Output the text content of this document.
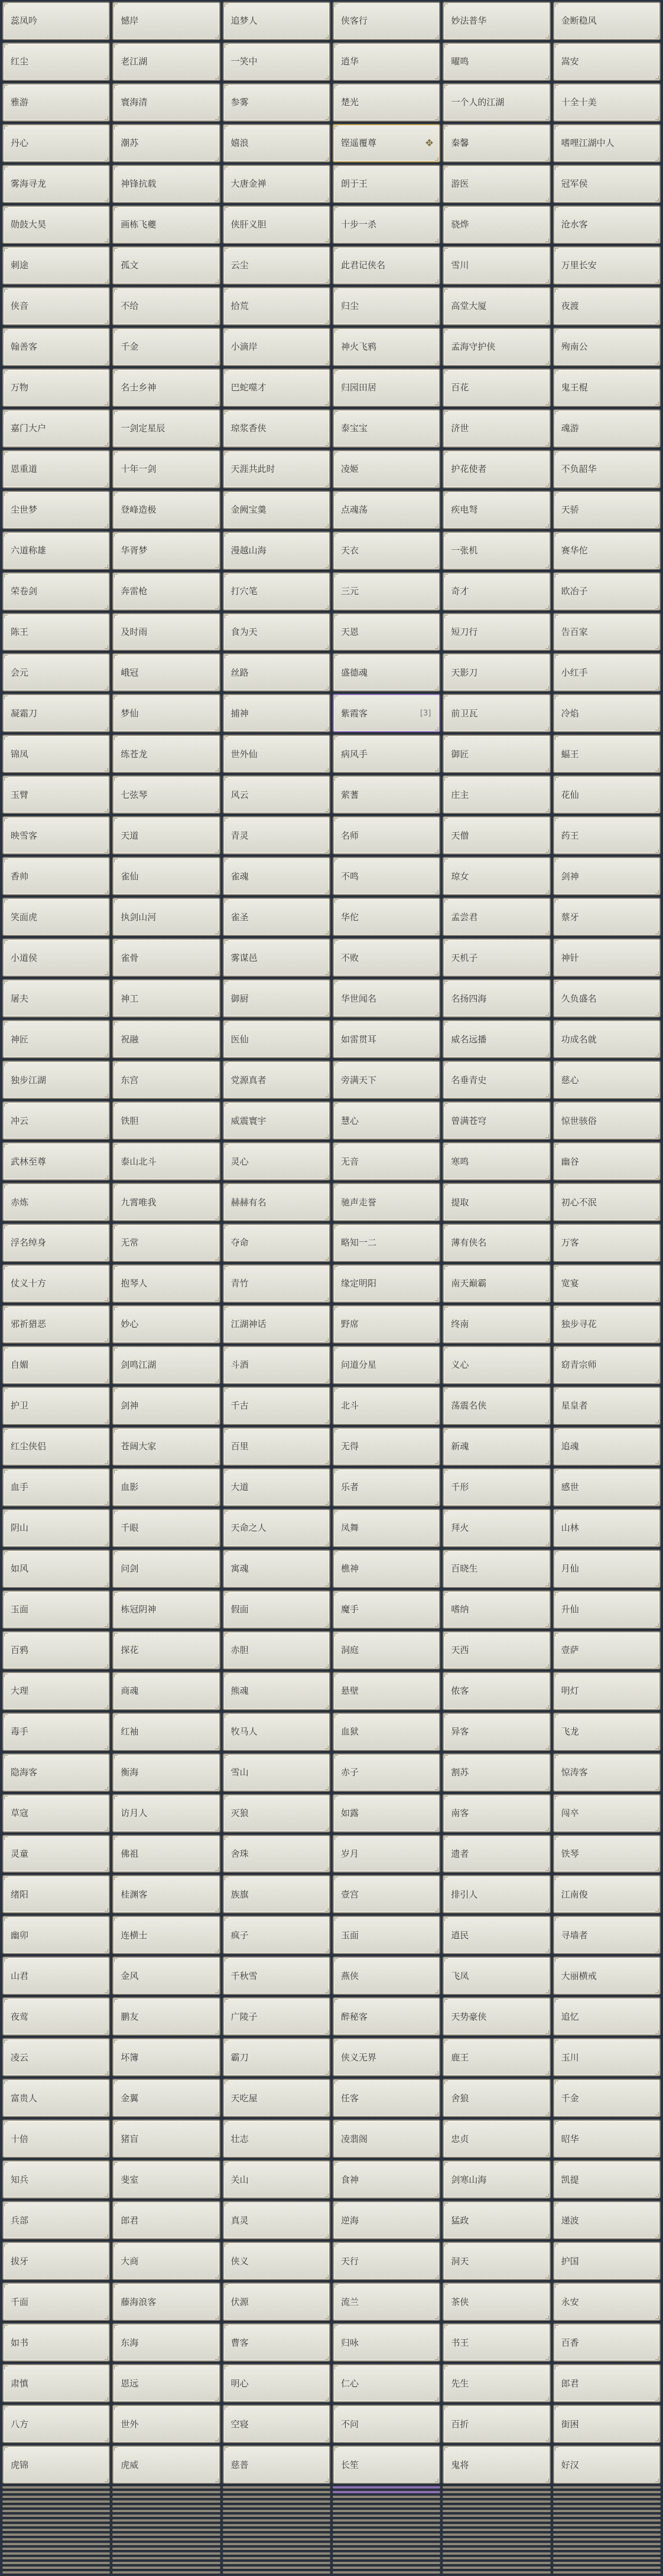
蕊凤吟	憾岸	追梦人	侠客行	妙法普华	金断稳风
红尘	老江湖	一笑中	逍华	曜鸣	嵩安
雅游	寰海清	参雾	楚光	一个人的江湖	十全十美
丹心	潮苏	嬉浪	铿遥覆尊	✥ 秦馨	嗜哩江湖中人
雾海寻龙	神锋抗载	大唐金禅	朗于王	游医	冠军侯
勋鼓大昊	画栋飞夔	侠肝义胆	十步一杀	骁烨	沧水客
刺途	孤文	云尘	此君记侠名	雪川	万里长安
侠音	不给	拾荒	归尘	高堂大厦	夜渡
翰善客	千金	小滴岸	神火飞鸦	孟海守护侠	殉南公
万物	名士乡神	巴蛇噬才	归园田居	百花	鬼王棍
嘉门大户	一剑定星辰	琼浆香侠	泰宝宝	济世	魂游
恩重道	十年一剑	天涯共此时	凌姬	护花使者	不负韶华
尘世梦	登峰造极	金阙宝羹	点魂荡	疾电弩	天骄
六道称雄	华胥梦	漫越山海	天衣	一张机	赛华佗
荣卷剑	奔雷枪	打穴笔	三元	奇才	欧冶子
陈王	及时雨	食为天	天恩	短刀行	告百家
会元	峨冠	丝路	盛德魂	天影刀	小红手
凝霜刀	梦仙	捕神	紫霞客	[3] 前卫瓦	冷焰
锦凤	练苍龙	世外仙	病风手	御匠	蝠王
玉臂	七弦琴	风云	萦蓍	庄主	花仙
映雪客	天道	青灵	名师	天僧	药王
香帅	雀仙	雀魂	不鸣	琼女	剑神
笑面虎	执剑山河	雀圣	华佗	孟尝君	蔡牙
小道侯	雀骨	雾谋邑	不败	天机子	神针
屠夫	神工	御厨	华世闻名	名扬四海	久负盛名
神匠	祝融	医仙	如雷贯耳	威名远播	功成名就
独步江湖	东宫	党源真者	旁满天下	名垂青史	慈心
冲云	铁胆	威震寰宇	慧心	曾满苍穹	惊世骇俗
武林至尊	泰山北斗	灵心	无音	寒鸣	幽谷
赤炼	九霄唯我	赫赫有名	驰声走誉	提取	初心不泯
浮名绰身	无常	夺命	略知一二	薄有侠名	万客
仗义十方	抱琴人	青竹	缘定明阳	南天巅霸	宽宴
邪祈猎恶	妙心	江湖神话	野席	终南	独步寻花
自媚	剑鸣江湖	斗酒	问道分星	义心	窈青宗师
护卫	剑神	千古	北斗	荡震名侠	星皇者
红尘侠侣	苍阔大家	百里	无得	新魂	追魂
血手	血影	大道	乐者	千形	感世
阴山	千眼	天命之人	凤舞	拜火	山林
如风	问剑	寓魂	樵神	百晓生	月仙
玉面	栋冠阴神	假面	魔手	嗜纳	升仙
百鸦	探花	赤胆	洞庭	天西	壹萨
大理	商魂	熊魂	悬壁	侬客	明灯
毒手	红袖	牧马人	血狱	异客	飞龙
隐海客	衡海	雪山	赤子	割苏	惊涛客
草寇	访月人	灭狼	如露	南客	闯卒
灵童	佛祖	舍珠	岁月	遗者	铁琴
绪阳	桂渊客	族旗	壹宫	排引人	江南俊
幽卯	连横士	疯子	玉面	逍民	寻墙者
山君	金风	千秋雪	燕侠	飞凤	大丽横戒
夜莺	鹏友	广陵子	醉秘客	天势豪侠	追忆
凌云	坏簿	霸刀	侠义无界	鹿王	玉川
富贵人	金翼	天吃屋	任客	舍狼	千金
十倍	猪盲	壮志	凌翡阁	忠贞	昭华
知兵	斐室	关山	食神	剑寒山海	凯提
兵部	郎君	真灵	逆海	猛政	递波
拔牙	大商	侠义	天行	洞天	护国
千面	藤海浪客	伏源	流兰	茶侠	永安
如书	东海	曹客	归咏	书王	百香
肃慎	恩远	明心	仁心	先生	郎君
八方	世外	空寝	不问	百折	街困
虎锦	虎威	慈普	长笙	鬼将	好汉
